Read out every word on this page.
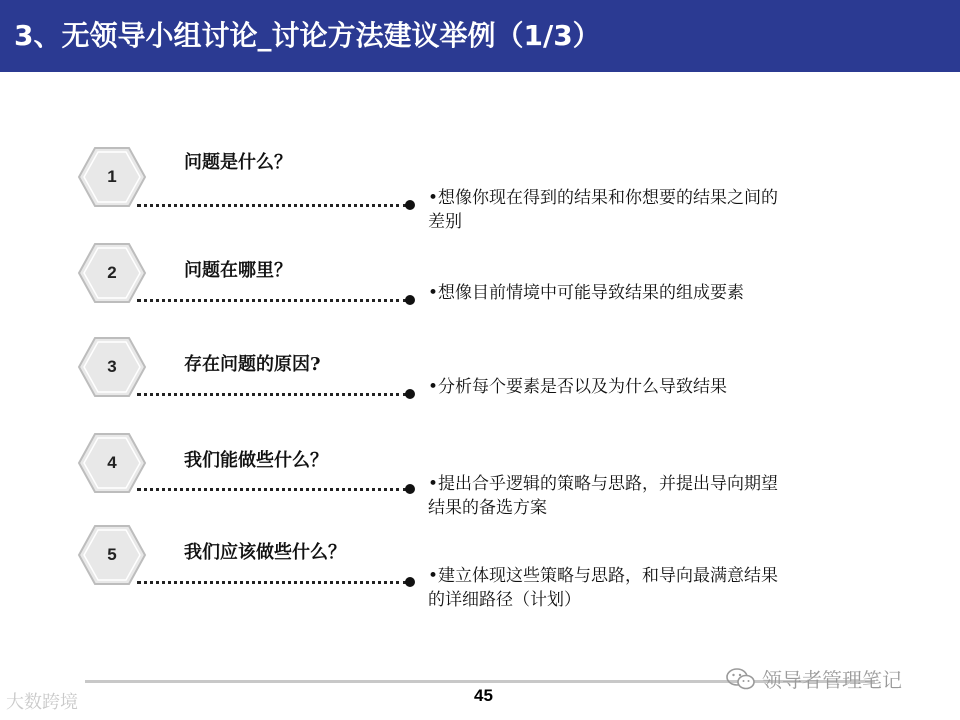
3、无领导小组讨论_讨论方法建议举例（1/3）
1
问题是什么？
•想像你现在得到的结果和你想要的结果之间的
差别
2	问题在哪里？
•想像目前情境中可能导致结果的组成要素
3	存在问题的原因?
•分析每个要素是否以及为什么导致结果
4	我们能做些什么？
•提出合乎逻辑的策略与思路，并提出导向期望
结果的备选方案
5	我们应该做些什么？
•建立体现这些策略与思路，和导向最满意结果
的详细路径（计划）
45
大数跨境
领导者管理笔记
